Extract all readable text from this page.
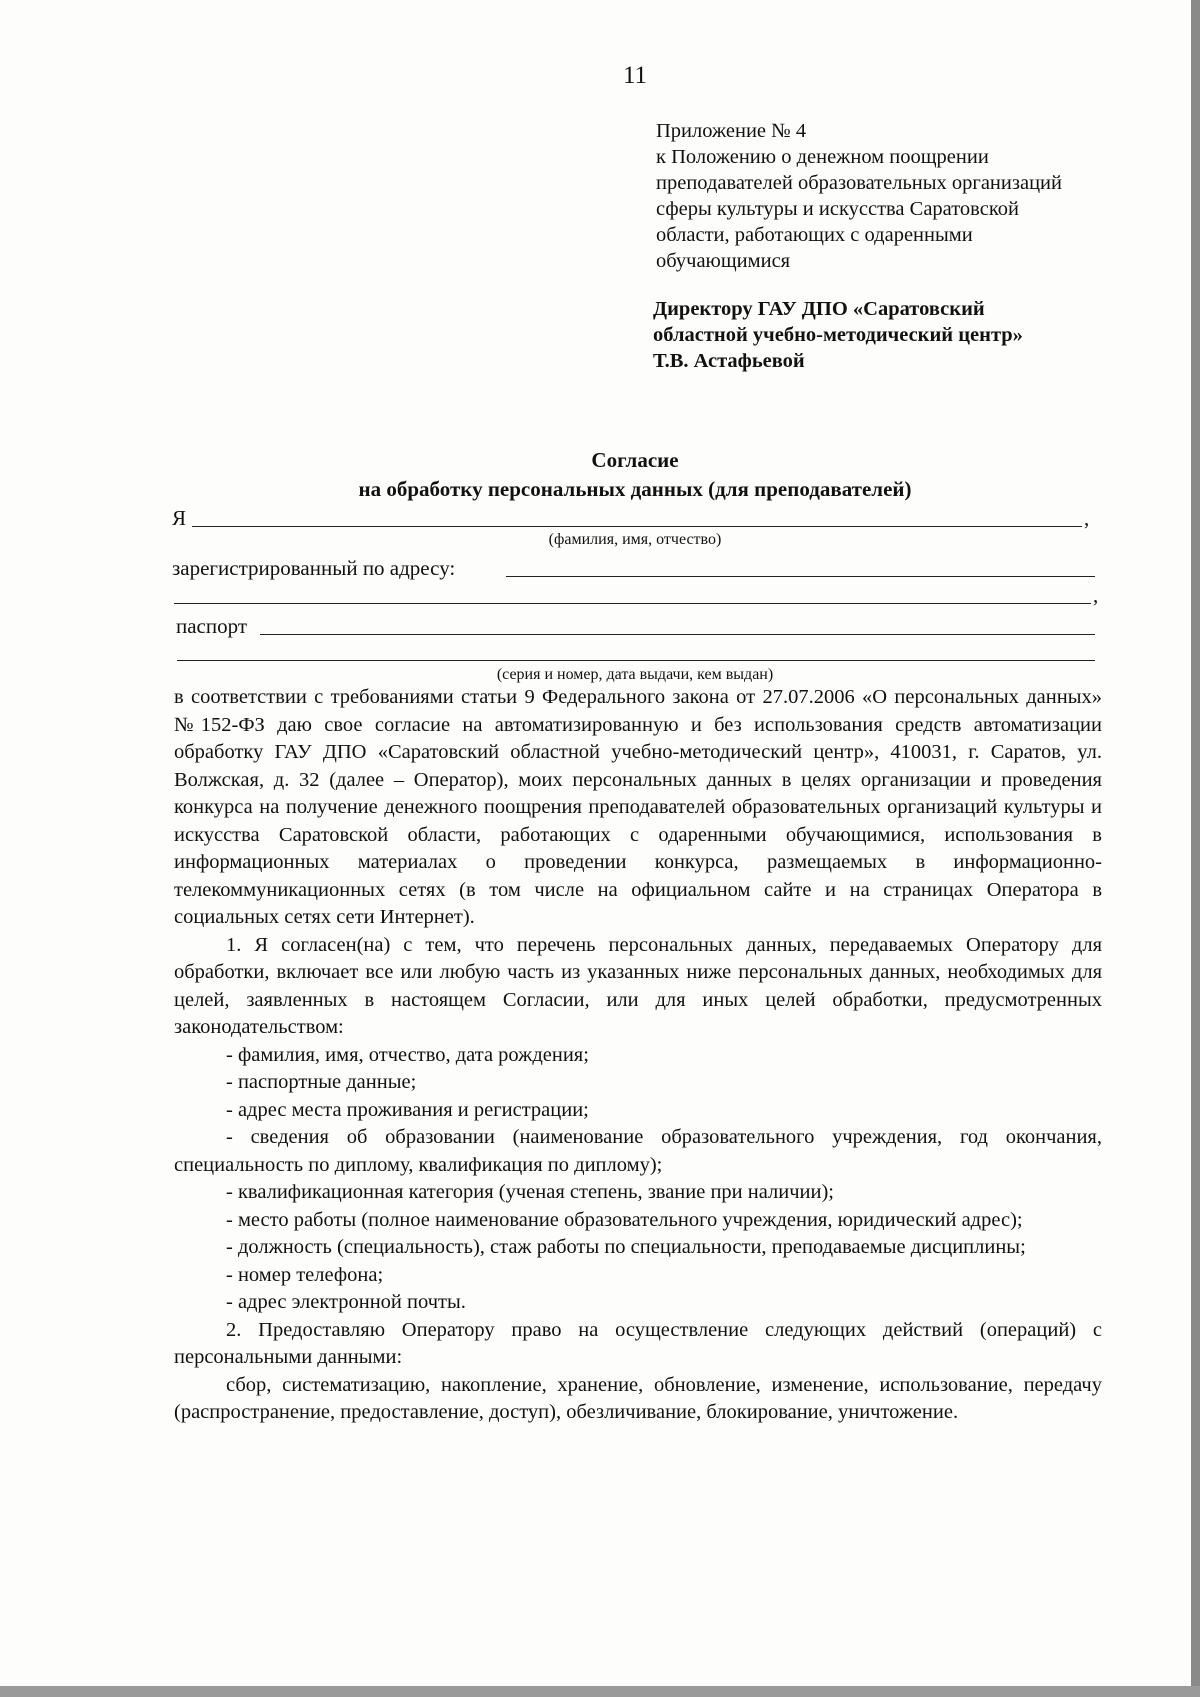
11
Приложение № 4
к Положению о денежном поощрении
преподавателей образовательных организаций
сферы культуры и искусства Саратовской
области, работающих с одаренными
обучающимися
Директору ГАУ ДПО «Саратовский
областной учебно-методический центр»
Т.В. Астафьевой
Согласие
на обработку персональных данных (для преподавателей)
Я	,
(фамилия, имя, отчество)
зарегистрированный по адресу:
,
паспорт
(серия и номер, дата выдачи, кем выдан)

в соответствии с требованиями статьи 9 Федерального закона от 27.07.2006 «О персональных данных» №152-ФЗ даю свое согласие на автоматизированную и без использования средств автоматизации обработку ГАУ ДПО «Саратовский областной учебно-методический центр», 410031, г. Саратов, ул. Волжская, д. 32 (далее – Оператор), моих персональных данных в целях организации и проведения конкурса на получение денежного поощрения преподавателей образовательных организаций культуры и искусства Саратовской области, работающих с одаренными обучающимися, использования в информационных материалах о проведении конкурса, размещаемых в информационно-телекоммуникационных сетях (в том числе на официальном сайте и на страницах Оператора в социальных сетях сети Интернет).

1. Я согласен(на) с тем, что перечень персональных данных, передаваемых Оператору для обработки, включает все или любую часть из указанных ниже персональных данных, необходимых для целей, заявленных в настоящем Согласии, или для иных целей обработки, предусмотренных законодательством:

- фамилия, имя, отчество, дата рождения;

- паспортные данные;

- адрес места проживания и регистрации;

- сведения об образовании (наименование образовательного учреждения, год окончания, специальность по диплому, квалификация по диплому);

- квалификационная категория (ученая степень, звание при наличии);

- место работы (полное наименование образовательного учреждения, юридический адрес);

- должность (специальность), стаж работы по специальности, преподаваемые дисциплины;

- номер телефона;

- адрес электронной почты.

2. Предоставляю Оператору право на осуществление следующих действий (операций) с персональными данными:

сбор, систематизацию, накопление, хранение, обновление, изменение, использование, передачу (распространение, предоставление, доступ), обезличивание, блокирование, уничтожение.
